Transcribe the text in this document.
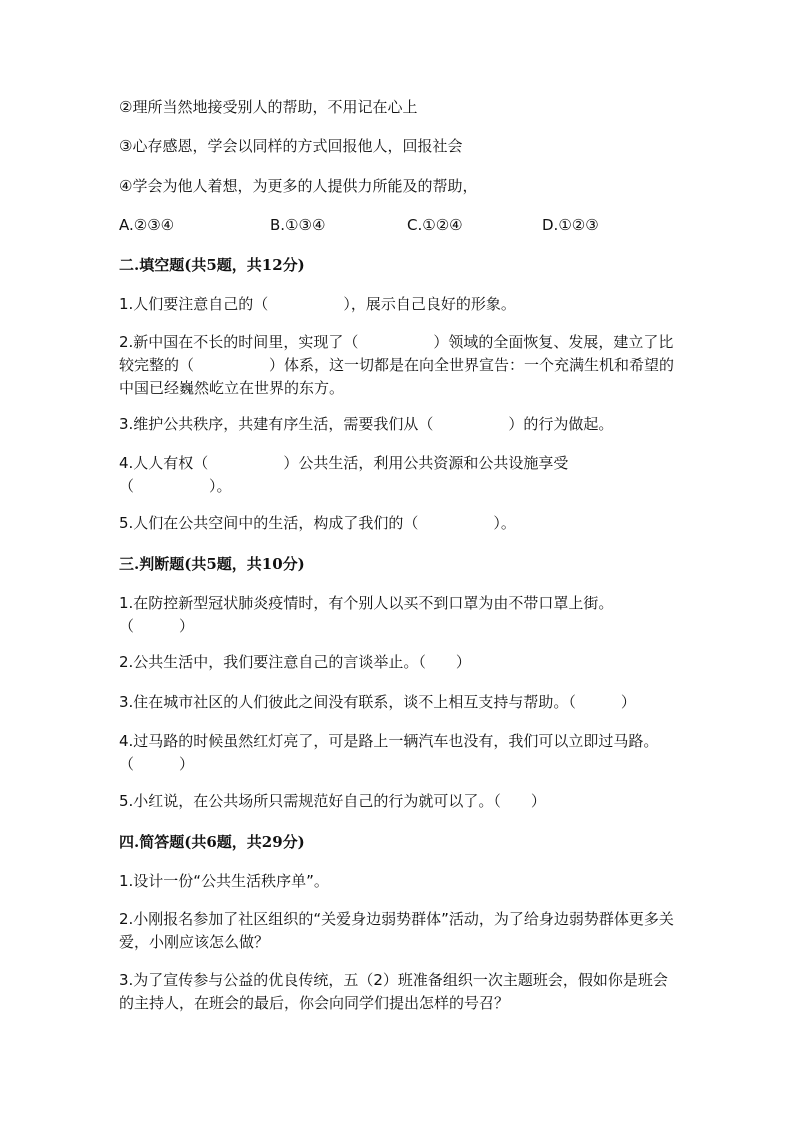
②理所当然地接受别人的帮助，不用记在心上
③心存感恩，学会以同样的方式回报他人，回报社会
④学会为他人着想，为更多的人提供力所能及的帮助，
A.②③④	B.①③④	C.①②④	D.①②③
二.填空题(共5题，共12分)
1.人们要注意自己的（　　　　　），展示自己良好的形象。
2.新中国在不长的时间里，实现了（　　　　　）领域的全面恢复、发展，建立了比较完整的（　　　　　）体系，这一切都是在向全世界宣告：一个充满生机和希望的中国已经巍然屹立在世界的东方。
3.维护公共秩序，共建有序生活，需要我们从（　　　　　）的行为做起。
4.人人有权（　　　　　）公共生活，利用公共资源和公共设施享受（　　　　　）。
5.人们在公共空间中的生活，构成了我们的（　　　　　）。
三.判断题(共5题，共10分)
1.在防控新型冠状肺炎疫情时，有个别人以买不到口罩为由不带口罩上街。（　　　）
2.公共生活中，我们要注意自己的言谈举止。（　　）
3.住在城市社区的人们彼此之间没有联系，谈不上相互支持与帮助。（　　　）
4.过马路的时候虽然红灯亮了，可是路上一辆汽车也没有，我们可以立即过马路。（　　　）
5.小红说，在公共场所只需规范好自己的行为就可以了。（　　）
四.简答题(共6题，共29分)
1.设计一份“公共生活秩序单”。
2.小刚报名参加了社区组织的“关爱身边弱势群体”活动，为了给身边弱势群体更多关爱，小刚应该怎么做？
3.为了宣传参与公益的优良传统，五（2）班准备组织一次主题班会，假如你是班会的主持人，在班会的最后，你会向同学们提出怎样的号召？
